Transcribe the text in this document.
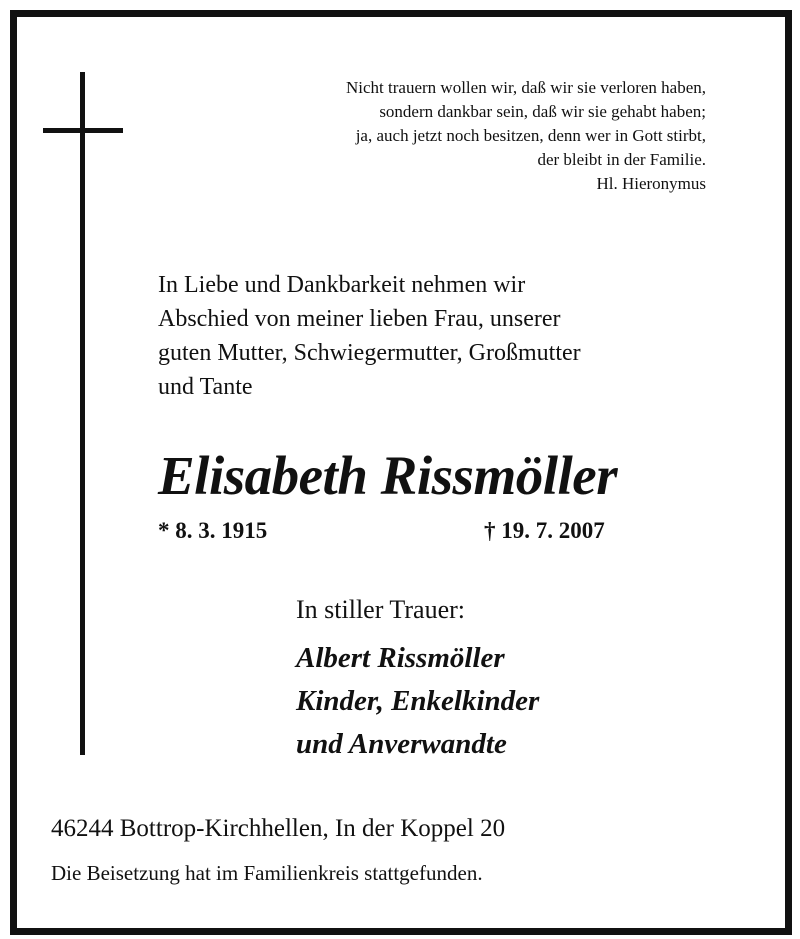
Nicht trauern wollen wir, daß wir sie verloren haben,
sondern dankbar sein, daß wir sie gehabt haben;
ja, auch jetzt noch besitzen, denn wer in Gott stirbt,
der bleibt in der Familie.
Hl. Hieronymus
In Liebe und Dankbarkeit nehmen wir
Abschied von meiner lieben Frau, unserer
guten Mutter, Schwiegermutter, Großmutter
und Tante
Elisabeth Rissmöller
* 8. 3. 1915	† 19. 7. 2007
In stiller Trauer:
Albert Rissmöller
Kinder, Enkelkinder
und Anverwandte
46244 Bottrop-Kirchhellen, In der Koppel 20
Die Beisetzung hat im Familienkreis stattgefunden.
